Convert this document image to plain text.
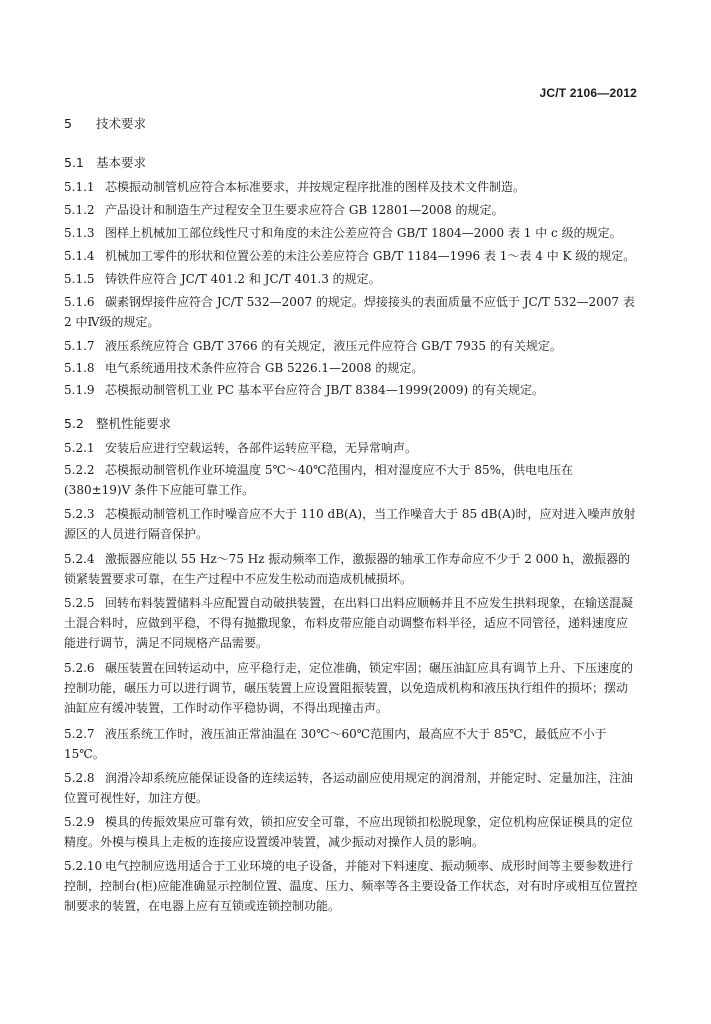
JC/T 2106—2012
5 技术要求
5.1 基本要求
5.1.1 芯模振动制管机应符合本标准要求，并按规定程序批准的图样及技术文件制造。
5.1.2 产品设计和制造生产过程安全卫生要求应符合 GB 12801—2008 的规定。
5.1.3 图样上机械加工部位线性尺寸和角度的未注公差应符合 GB/T 1804—2000 表 1 中 c 级的规定。
5.1.4 机械加工零件的形状和位置公差的未注公差应符合 GB/T 1184—1996 表 1～表 4 中 K 级的规定。
5.1.5 铸铁件应符合 JC/T 401.2 和 JC/T 401.3 的规定。
5.1.6 碳素钢焊接件应符合 JC/T 532—2007 的规定。焊接接头的表面质量不应低于 JC/T 532—2007 表 2 中Ⅳ级的规定。
5.1.7 液压系统应符合 GB/T 3766 的有关规定，液压元件应符合 GB/T 7935 的有关规定。
5.1.8 电气系统通用技术条件应符合 GB 5226.1—2008 的规定。
5.1.9 芯模振动制管机工业 PC 基本平台应符合 JB/T 8384—1999(2009) 的有关规定。
5.2 整机性能要求
5.2.1 安装后应进行空载运转，各部件运转应平稳，无异常响声。
5.2.2 芯模振动制管机作业环境温度 5℃～40℃范围内，相对湿度应不大于 85%，供电电压在(380±19)V 条件下应能可靠工作。
5.2.3 芯模振动制管机工作时噪音应不大于 110 dB(A)，当工作噪音大于 85 dB(A)时，应对进入噪声放射源区的人员进行隔音保护。
5.2.4 激振器应能以 55 Hz～75 Hz 振动频率工作，激振器的轴承工作寿命应不少于 2 000 h，激振器的锁紧装置要求可靠，在生产过程中不应发生松动而造成机械损坏。
5.2.5 回转布料装置储料斗应配置自动破拱装置，在出料口出料应顺畅并且不应发生拱料现象，在输送混凝土混合料时，应做到平稳，不得有抛撒现象，布料皮带应能自动调整布料半径，适应不同管径，递料速度应能进行调节，满足不同规格产品需要。
5.2.6 碾压装置在回转运动中，应平稳行走，定位准确，锁定牢固；碾压油缸应具有调节上升、下压速度的控制功能，碾压力可以进行调节，碾压装置上应设置阻振装置，以免造成机构和液压执行组件的损坏；摆动油缸应有缓冲装置，工作时动作平稳协调，不得出现撞击声。
5.2.7 液压系统工作时，液压油正常油温在 30℃～60℃范围内，最高应不大于 85℃，最低应不小于 15℃。
5.2.8 润滑冷却系统应能保证设备的连续运转，各运动副应使用规定的润滑剂，并能定时、定量加注，注油位置可视性好，加注方便。
5.2.9 模具的传振效果应可靠有效，锁扣应安全可靠，不应出现锁扣松脱现象，定位机构应保证模具的定位精度。外模与模具上走板的连接应设置缓冲装置，减少振动对操作人员的影响。
5.2.10 电气控制应选用适合于工业环境的电子设备，并能对下料速度、振动频率、成形时间等主要参数进行控制，控制台(柜)应能准确显示控制位置、温度、压力、频率等各主要设备工作状态，对有时序或相互位置控制要求的装置，在电器上应有互锁或连锁控制功能。
